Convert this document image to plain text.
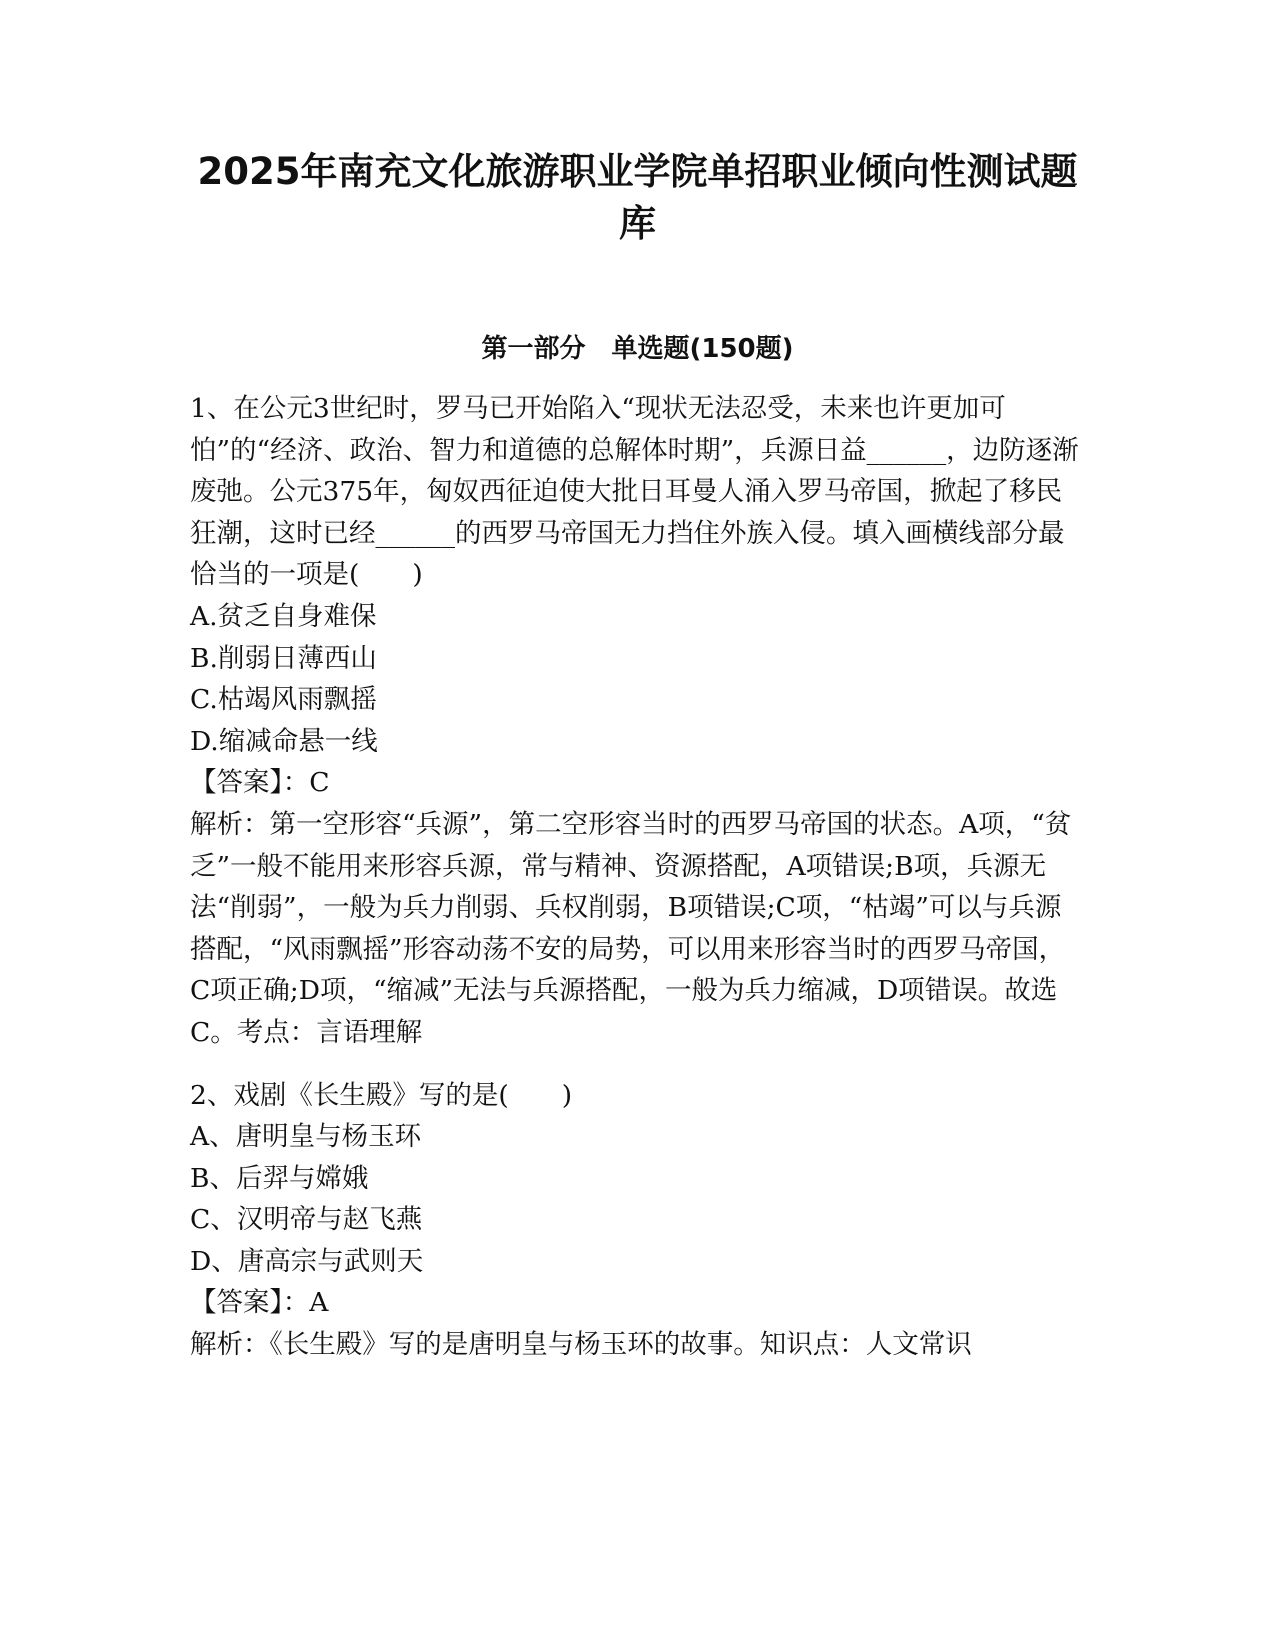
2025年南充文化旅游职业学院单招职业倾向性测试题库
第一部分　单选题(150题)

1、在公元3世纪时，罗马已开始陷入“现状无法忍受，未来也许更加可怕”的“经济、政治、智力和道德的总解体时期”，兵源日益______，边防逐渐废弛。公元375年，匈奴西征迫使大批日耳曼人涌入罗马帝国，掀起了移民狂潮，这时已经______的西罗马帝国无力挡住外族入侵。填入画横线部分最恰当的一项是(　　)

A.贫乏自身难保

B.削弱日薄西山

C.枯竭风雨飘摇

D.缩减命悬一线

【答案】：C

解析：第一空形容“兵源”，第二空形容当时的西罗马帝国的状态。A项，“贫乏”一般不能用来形容兵源，常与精神、资源搭配，A项错误;B项，兵源无法“削弱”，一般为兵力削弱、兵权削弱，B项错误;C项，“枯竭”可以与兵源搭配，“风雨飘摇”形容动荡不安的局势，可以用来形容当时的西罗马帝国，C项正确;D项，“缩减”无法与兵源搭配，一般为兵力缩减，D项错误。故选C。考点：言语理解

2、戏剧《长生殿》写的是(　　)

A、唐明皇与杨玉环

B、后羿与嫦娥

C、汉明帝与赵飞燕

D、唐高宗与武则天

【答案】：A

解析：《长生殿》写的是唐明皇与杨玉环的故事。知识点：人文常识
